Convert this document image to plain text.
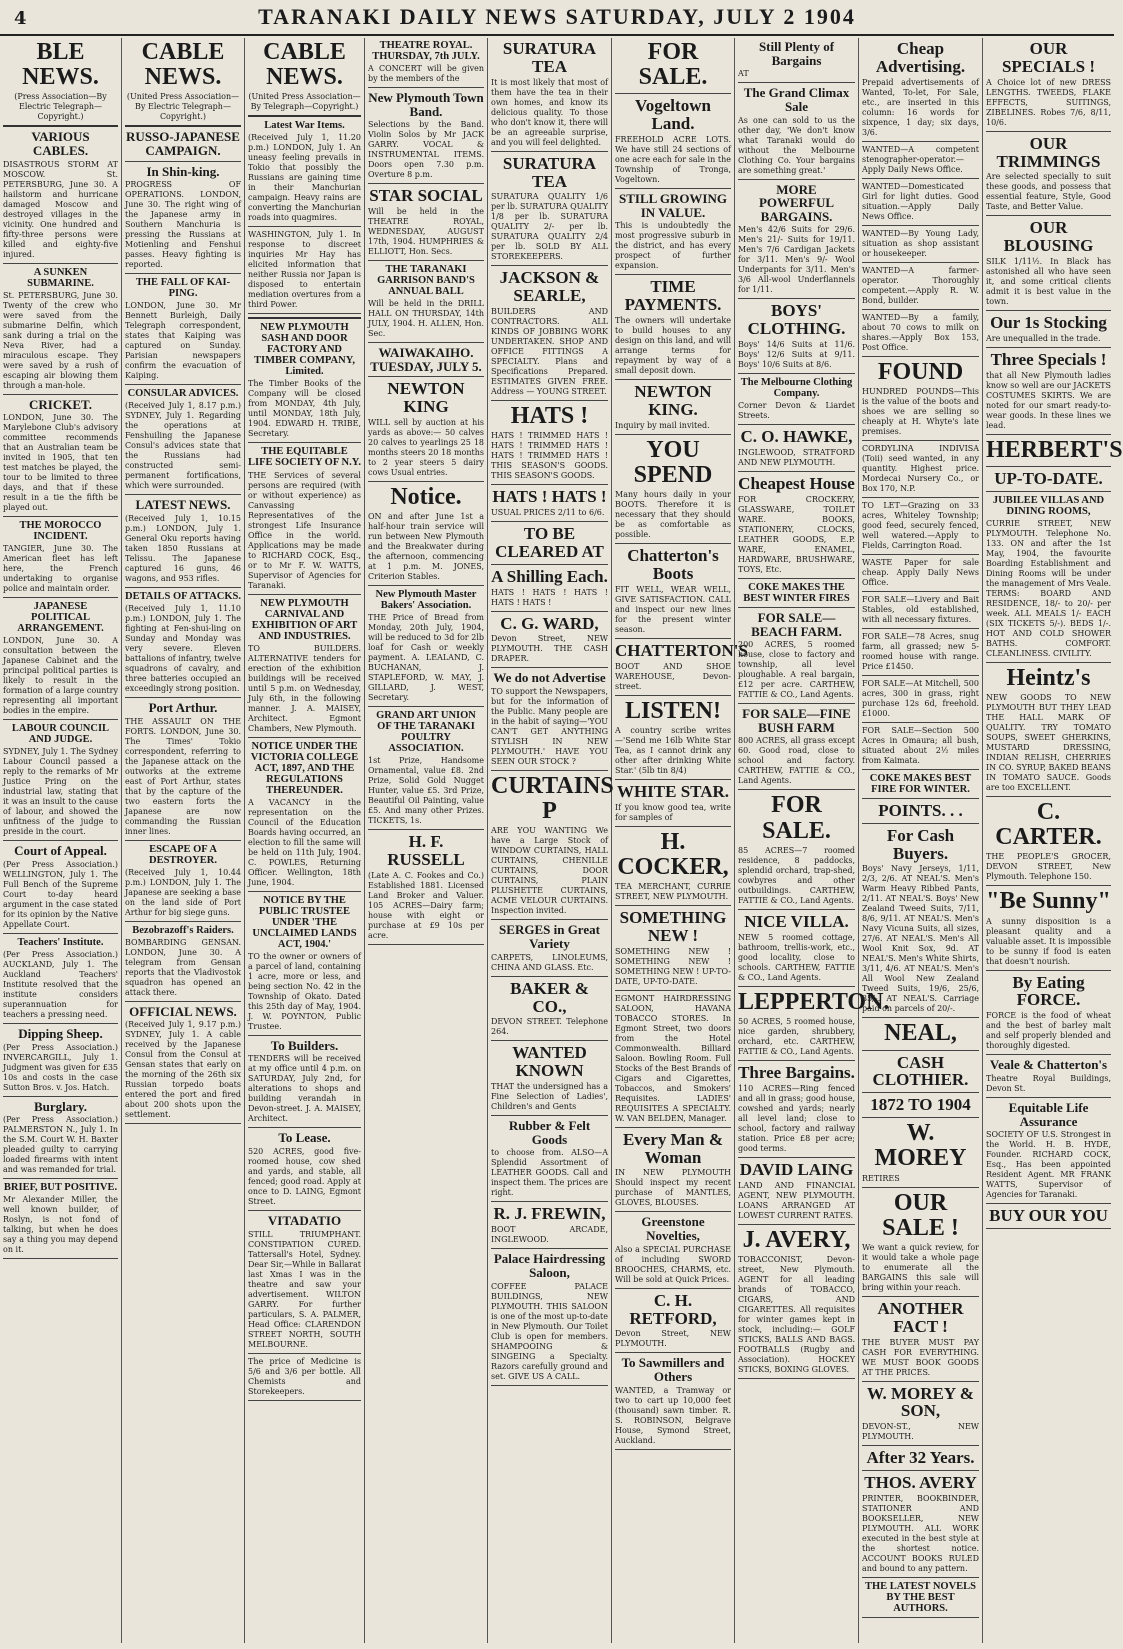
4	TARANAKI DAILY NEWS SATURDAY, JULY 2 1904
BLE NEWS.
(Press Association—By Electric Telegraph—Copyright.)
VARIOUS CABLES.
DISASTROUS STORM AT MOSCOW. St. PETERSBURG, June 30. A hailstorm and hurricane damaged Moscow and destroyed villages in the vicinity. One hundred and fifty-three persons were killed and eighty-five injured.
A SUNKEN SUBMARINE.
St. PETERSBURG, June 30. Twenty of the crew who were saved from the submarine Delfin, which sank during a trial on the Neva River, had a miraculous escape. They were saved by a rush of escaping air blowing them through a man-hole.
CRICKET.
LONDON, June 30. The Marylebone Club's advisory committee recommends that an Australian team be invited in 1905, that ten test matches be played, the tour to be limited to three days, and that if these result in a tie the fifth be played out.
THE MOROCCO INCIDENT.
TANGIER, June 30. The American fleet has left here, the French undertaking to organise police and maintain order.
JAPANESE POLITICAL ARRANGEMENT.
LONDON, June 30. A consultation between the Japanese Cabinet and the principal political parties is likely to result in the formation of a large country representing all important bodies in the empire.
LABOUR COUNCIL AND JUDGE.
SYDNEY, July 1. The Sydney Labour Council passed a reply to the remarks of Mr Justice Pring on the industrial law, stating that it was an insult to the cause of labour, and showed the unfitness of the judge to preside in the court.
Court of Appeal.
(Per Press Association.) WELLINGTON, July 1. The Full Bench of the Supreme Court to-day heard argument in the case stated for its opinion by the Native Appellate Court.
Teachers' Institute.
(Per Press Association.) AUCKLAND, July 1. The Auckland Teachers' Institute resolved that the institute considers superannuation for teachers a pressing need.
Dipping Sheep.
(Per Press Association.) INVERCARGILL, July 1. Judgment was given for £35 10s and costs in the case Sutton Bros. v. Jos. Hatch.
Burglary.
(Per Press Association.) PALMERSTON N., July 1. In the S.M. Court W. H. Baxter pleaded guilty to carrying loaded firearms with intent and was remanded for trial.
BRIEF, BUT POSITIVE.
Mr Alexander Miller, the well known builder, of Roslyn, is not fond of talking, but when he does say a thing you may depend on it.
CABLE NEWS.
(United Press Association—By Electric Telegraph—Copyright.)
RUSSO-JAPANESE CAMPAIGN.
In Shin-king.
PROGRESS OF OPERATIONS. LONDON, June 30. The right wing of the Japanese army in Southern Manchuria is pressing the Russians at Motienling and Fenshui passes. Heavy fighting is reported.
THE FALL OF KAI-PING.
LONDON, June 30. Mr Bennett Burleigh, Daily Telegraph correspondent, states that Kaiping was captured on Sunday. Parisian newspapers confirm the evacuation of Kaiping.
CONSULAR ADVICES.
(Received July 1, 8.17 p.m.) SYDNEY, July 1. Regarding the operations at Fenshuiling the Japanese Consul's advices state that the Russians had constructed semi-permanent fortifications, which were surrounded.
LATEST NEWS.
(Received July 1, 10.15 p.m.) LONDON, July 1. General Oku reports having taken 1850 Russians at Telissu. The Japanese captured 16 guns, 46 wagons, and 953 rifles.
DETAILS OF ATTACKS.
(Received July 1, 11.10 p.m.) LONDON, July 1. The fighting at Fen-shui-ling on Sunday and Monday was very severe. Eleven battalions of infantry, twelve squadrons of cavalry, and three batteries occupied an exceedingly strong position.
Port Arthur.
THE ASSAULT ON THE FORTS. LONDON, June 30. The Times' Tokio correspondent, referring to the Japanese attack on the outworks at the extreme east of Port Arthur, states that by the capture of the two eastern forts the Japanese are now commanding the Russian inner lines.
ESCAPE OF A DESTROYER.
(Received July 1, 10.44 p.m.) LONDON, July 1. The Japanese are seeking a base on the land side of Port Arthur for big siege guns.
Bezobrazoff's Raiders.
BOMBARDING GENSAN. LONDON, June 30. A telegram from Gensan reports that the Vladivostok squadron has opened an attack there.
OFFICIAL NEWS.
(Received July 1, 9.17 p.m.) SYDNEY, July 1. A cable received by the Japanese Consul from the Consul at Gensan states that early on the morning of the 26th six Russian torpedo boats entered the port and fired about 200 shots upon the settlement.
CABLE NEWS.
(United Press Association—By Telegraph—Copyright.)
Latest War Items.
(Received July 1, 11.20 p.m.) LONDON, July 1. An uneasy feeling prevails in Tokio that possibly the Russians are gaining time in their Manchurian campaign. Heavy rains are converting the Manchurian roads into quagmires.
WASHINGTON, July 1. In response to discreet inquiries Mr Hay has elicited information that neither Russia nor Japan is disposed to entertain mediation overtures from a third Power.
NEW PLYMOUTH SASH AND DOOR FACTORY AND TIMBER COMPANY, Limited.
The Timber Books of the Company will be closed from MONDAY, 4th July, until MONDAY, 18th July, 1904. EDWARD H. TRIBE, Secretary.
THE EQUITABLE LIFE SOCIETY OF N.Y.
THE Services of several persons are required (with or without experience) as Canvassing Representatives of the strongest Life Insurance Office in the world. Applications may be made to RICHARD COCK, Esq., or to Mr F. W. WATTS, Supervisor of Agencies for Taranaki.
NEW PLYMOUTH CARNIVAL AND EXHIBITION OF ART AND INDUSTRIES.
TO BUILDERS. ALTERNATIVE tenders for erection of the exhibition buildings will be received until 5 p.m. on Wednesday, July 6th, in the following manner. J. A. MAISEY, Architect. Egmont Chambers, New Plymouth.
NOTICE UNDER THE VICTORIA COLLEGE ACT, 1897, AND THE REGULATIONS THEREUNDER.
A VACANCY in the representation on the Council of the Education Boards having occurred, an election to fill the same will be held on 11th July, 1904. C. POWLES, Returning Officer. Wellington, 18th June, 1904.
NOTICE BY THE PUBLIC TRUSTEE UNDER 'THE UNCLAIMED LANDS ACT, 1904.'
TO the owner or owners of a parcel of land, containing 1 acre, more or less, and being section No. 42 in the Township of Okato. Dated this 25th day of May, 1904. J. W. POYNTON, Public Trustee.
To Builders.
TENDERS will be received at my office until 4 p.m. on SATURDAY, July 2nd, for alterations to shops and building verandah in Devon-street. J. A. MAISEY, Architect.
To Lease.
520 ACRES, good five-roomed house, cow shed and yards, and stable, all fenced; good road. Apply at once to D. LAING, Egmont Street.
VITADATIO
STILL TRIUMPHANT. CONSTIPATION CURED. Tattersall's Hotel, Sydney. Dear Sir,—While in Ballarat last Xmas I was in the theatre and saw your advertisement. WILTON GARRY. For further particulars, S. A. PALMER, Head Office: CLARENDON STREET NORTH, SOUTH MELBOURNE.
The price of Medicine is 5/6 and 3/6 per bottle. All Chemists and Storekeepers.
THEATRE ROYAL. THURSDAY, 7th JULY.
A CONCERT will be given by the members of the
New Plymouth Town Band.
Selections by the Band. Violin Solos by Mr JACK GARRY. VOCAL & INSTRUMENTAL ITEMS. Doors open 7.30 p.m. Overture 8 p.m.
STAR SOCIAL
Will be held in the THEATRE ROYAL, WEDNESDAY, AUGUST 17th, 1904. HUMPHRIES & ELLIOTT, Hon. Secs.
THE TARANAKI GARRISON BAND'S ANNUAL BALL
Will be held in the DRILL HALL ON THURSDAY, 14th JULY, 1904. H. ALLEN, Hon. Sec.
WAIWAKAIHO. TUESDAY, JULY 5.
NEWTON KING
WILL sell by auction at his yards as above:— 50 calves 20 calves to yearlings 25 18 months steers 20 18 months to 2 year steers 5 dairy cows Usual entries.
Notice.
ON and after June 1st a half-hour train service will run between New Plymouth and the Breakwater during the afternoon, commencing at 1 p.m. M. JONES, Criterion Stables.
New Plymouth Master Bakers' Association.
THE Price of Bread from Monday, 20th July, 1904, will be reduced to 3d for 2lb loaf for Cash or weekly payment. A. LEALAND, C. BUCHANAN, J. STAPLEFORD, W. MAY, J. GILLARD, J. WEST, Secretary.
GRAND ART UNION OF THE TARANAKI POULTRY ASSOCIATION.
1st Prize, Handsome Ornamental, value £8. 2nd Prize, Solid Gold Nugget Hunter, value £5. 3rd Prize, Beautiful Oil Painting, value £5. And many other Prizes. TICKETS, 1s.
H. F. RUSSELL
(Late A. C. Fookes and Co.) Established 1881. Licensed Land Broker and Valuer. 105 ACRES—Dairy farm; house with eight or purchase at £9 10s per acre.
SURATURA TEA
It is most likely that most of them have the tea in their own homes, and know its delicious quality. To those who don't know it, there will be an agreeable surprise, and you will feel delighted.
SURATURA TEA
SURATURA QUALITY 1/6 per lb. SURATURA QUALITY 1/8 per lb. SURATURA QUALITY 2/- per lb. SURATURA QUALITY 2/4 per lb. SOLD BY ALL STOREKEEPERS.
JACKSON & SEARLE,
BUILDERS AND CONTRACTORS. ALL KINDS OF JOBBING WORK UNDERTAKEN. SHOP AND OFFICE FITTINGS A SPECIALTY. Plans and Specifications Prepared. ESTIMATES GIVEN FREE. Address — YOUNG STREET.
HATS !
HATS ! TRIMMED HATS ! HATS ! TRIMMED HATS ! HATS ! TRIMMED HATS ! THIS SEASON'S GOODS. THIS SEASON'S GOODS.
HATS ! HATS !
USUAL PRICES 2/11 to 6/6.
TO BE CLEARED AT
A Shilling Each.
HATS ! HATS ! HATS ! HATS ! HATS !
C. G. WARD,
Devon Street, NEW PLYMOUTH. THE CASH DRAPER.
We do not Advertise
TO support the Newspapers, but for the information of the Public. Many people are in the habit of saying—'YOU CAN'T GET ANYTHING STYLISH IN NEW PLYMOUTH.' HAVE YOU SEEN OUR STOCK ?
CURTAINS P
ARE YOU WANTING We have a Large Stock of WINDOW CURTAINS, HALL CURTAINS, CHENILLE CURTAINS, DOOR CURTAINS, PLAIN PLUSHETTE CURTAINS, ACME VELOUR CURTAINS. Inspection invited.
SERGES in Great Variety
CARPETS, LINOLEUMS, CHINA AND GLASS. Etc.
BAKER & CO.,
DEVON STREET. Telephone 264.
WANTED KNOWN
THAT the undersigned has a Fine Selection of Ladies', Children's and Gents
Rubber & Felt Goods
to choose from. ALSO—A Splendid Assortment of LEATHER GOODS. Call and inspect them. The prices are right.
R. J. FREWIN,
BOOT ARCADE, INGLEWOOD.
Palace Hairdressing Saloon,
COFFEE PALACE BUILDINGS, NEW PLYMOUTH. THIS SALOON is one of the most up-to-date in New Plymouth. Our Toilet Club is open for members. SHAMPOOING & SINGEING a Specialty. Razors carefully ground and set. GIVE US A CALL.
FOR SALE.
Vogeltown Land.
FREEHOLD ACRE LOTS. We have still 24 sections of one acre each for sale in the Township of Tronga, Vogeltown.
STILL GROWING IN VALUE.
This is undoubtedly the most progressive suburb in the district, and has every prospect of further expansion.
TIME PAYMENTS.
The owners will undertake to build houses to any design on this land, and will arrange terms for repayment by way of a small deposit down.
NEWTON KING.
Inquiry by mail invited.
YOU SPEND
Many hours daily in your BOOTS. Therefore it is necessary that they should be as comfortable as possible.
Chatterton's Boots
FIT WELL, WEAR WELL, GIVE SATISFACTION. CALL and inspect our new lines for the present winter season.
CHATTERTON'S
BOOT AND SHOE WAREHOUSE, Devon-street.
LISTEN!
A country scribe writes—'Send me 16lb White Star Tea, as I cannot drink any other after drinking White Star.' (5lb tin 8/4)
WHITE STAR.
If you know good tea, write for samples of
H. COCKER,
TEA MERCHANT, CURRIE STREET, NEW PLYMOUTH.
SOMETHING NEW !
SOMETHING NEW ! SOMETHING NEW ! SOMETHING NEW ! UP-TO-DATE, UP-TO-DATE.
EGMONT HAIRDRESSING SALOON, HAVANA TOBACCO STORES. In Egmont Street, two doors from the Hotel Commonwealth. Billiard Saloon. Bowling Room. Full Stocks of the Best Brands of Cigars and Cigarettes, Tobaccos, and Smokers' Requisites. LADIES' REQUISITES A SPECIALTY. W. VAN BELDEN, Manager.
Every Man & Woman
IN NEW PLYMOUTH Should inspect my recent purchase of MANTLES, GLOVES, BLOUSES.
Greenstone Novelties,
Also a SPECIAL PURCHASE of including SWORD BROOCHES, CHARMS, etc. Will be sold at Quick Prices.
C. H. RETFORD,
Devon Street, NEW PLYMOUTH.
To Sawmillers and Others
WANTED, a Tramway or two to cart up 10,000 feet (thousand) sawn timber. R. S. ROBINSON, Belgrave House, Symond Street, Auckland.
Still Plenty of Bargains
AT
The Grand Climax Sale
As one can sold to us the other day, 'We don't know what Taranaki would do without the Melbourne Clothing Co. Your bargains are something great.'
MORE POWERFUL BARGAINS.
Men's 42/6 Suits for 29/6. Men's 21/- Suits for 19/11. Men's 7/6 Cardigan Jackets for 3/11. Men's 9/- Wool Underpants for 3/11. Men's 3/6 All-wool Underflannels for 1/11.
BOYS' CLOTHING.
Boys' 14/6 Suits at 11/6. Boys' 12/6 Suits at 9/11. Boys' 10/6 Suits at 8/6.
The Melbourne Clothing Company.
Corner Devon & Liardet Streets.
C. O. HAWKE,
INGLEWOOD, STRATFORD AND NEW PLYMOUTH.
Cheapest House
FOR CROCKERY, GLASSWARE, TOILET WARE. BOOKS, STATIONERY, CLOCKS, LEATHER GOODS, E.P. WARE, ENAMEL, HARDWARE, BRUSHWARE, TOYS, Etc.
COKE MAKES THE BEST WINTER FIRES
FOR SALE—BEACH FARM.
200 ACRES, 5 roomed house, close to factory and township, all level ploughable. A real bargain, £12 per acre. CARTHEW, FATTIE & CO., Land Agents.
FOR SALE—FINE BUSH FARM
800 ACRES, all grass except 60. Good road, close to school and factory. CARTHEW, FATTIE & CO., Land Agents.
FOR SALE.
85 ACRES—7 roomed residence, 8 paddocks, splendid orchard, trap-shed, cowbyres and other outbuildings. CARTHEW, FATTIE & CO., Land Agents.
NICE VILLA.
NEW 5 roomed cottage, bathroom, trellis-work, etc., good locality, close to schools. CARTHEW, FATTIE & CO., Land Agents.
LEPPERTON.
50 ACRES, 5 roomed house, nice garden, shrubbery, orchard, etc. CARTHEW, FATTIE & CO., Land Agents.
Three Bargains.
110 ACRES—Ring fenced and all in grass; good house, cowshed and yards; nearly all level land; close to school, factory and railway station. Price £8 per acre; good terms.
DAVID LAING
LAND AND FINANCIAL AGENT, NEW PLYMOUTH. LOANS ARRANGED AT LOWEST CURRENT RATES.
J. AVERY,
TOBACCONIST, Devon-street, New Plymouth. AGENT for all leading brands of TOBACCO, CIGARS, AND CIGARETTES. All requisites for winter games kept in stock, including:— GOLF STICKS, BALLS AND BAGS. FOOTBALLS (Rugby and Association). HOCKEY STICKS, BOXING GLOVES.
Cheap Advertising.
Prepaid advertisements of Wanted, To-let, For Sale, etc., are inserted in this column: 16 words for sixpence, 1 day; six days, 3/6.
WANTED—A competent stenographer-operator.—Apply Daily News Office.
WANTED—Domesticated Girl for light duties. Good situation.—Apply Daily News Office.
WANTED—By Young Lady, situation as shop assistant or housekeeper.
WANTED—A farmer-operator. Thoroughly competent.—Apply R. W. Bond, builder.
WANTED—By a family, about 70 cows to milk on shares.—Apply Box 153, Post Office.
FOUND
HUNDRED POUNDS—This is the value of the boots and shoes we are selling so cheaply at H. Whyte's late premises.
CORDYLINA INDIVISA (Toii) seed wanted, in any quantity. Highest price. Mordecai Nursery Co., or Box 170, N.P.
TO LET—Grazing on 33 acres, Whiteley Township; good feed, securely fenced, well watered.—Apply to Fields, Carrington Road.
WASTE Paper for sale cheap. Apply Daily News Office.
FOR SALE—Livery and Bait Stables, old established, with all necessary fixtures.
FOR SALE—78 Acres, snug farm, all grassed; new 5-roomed house with range. Price £1450.
FOR SALE—At Mitchell, 500 acres, 300 in grass, right purchase 12s 6d, freehold. £1000.
FOR SALE—Section 500 Acres in Omaura; all bush, situated about 2½ miles from Kaimata.
COKE MAKES BEST FIRE FOR WINTER.
POINTS. . .
For Cash Buyers.
Boys' Navy Jerseys, 1/11, 2/3, 2/6. AT NEAL'S. Men's Warm Heavy Ribbed Pants, 2/11. AT NEAL'S. Boys' New Zealand Tweed Suits, 7/11, 8/6, 9/11. AT NEAL'S. Men's Navy Vicuna Suits, all sizes, 27/6. AT NEAL'S. Men's All Wool Knit Sox, 9d. AT NEAL'S. Men's White Shirts, 3/11, 4/6. AT NEAL'S. Men's All Wool New Zealand Tweed Suits, 19/6, 25/6, 35/-. AT NEAL'S. Carriage paid on parcels of 20/-.
NEAL,
CASH CLOTHIER.
1872 TO 1904
W. MOREY
RETIRES
OUR SALE !
We want a quick review, for it would take a whole page to enumerate all the BARGAINS this sale will bring within your reach.
ANOTHER FACT !
THE BUYER MUST PAY CASH FOR EVERYTHING. WE MUST BOOK GOODS AT THE PRICES.
W. MOREY & SON,
DEVON-ST., NEW PLYMOUTH.
After 32 Years.
THOS. AVERY
PRINTER, BOOKBINDER, STATIONER AND BOOKSELLER, NEW PLYMOUTH. ALL WORK executed in the best style at the shortest notice. ACCOUNT BOOKS RULED and bound to any pattern.
THE LATEST NOVELS BY THE BEST AUTHORS.
OUR SPECIALS !
A Choice lot of new DRESS LENGTHS. TWEEDS, FLAKE EFFECTS, SUITINGS, ZIBELINES. Robes 7/6, 8/11, 10/6.
OUR TRIMMINGS
Are selected specially to suit these goods, and possess that essential feature, Style, Good Taste, and Better Value.
OUR BLOUSING
SILK 1/11½. In Black has astonished all who have seen it, and some critical clients admit it is best value in the town.
Our 1s Stocking
Are unequalled in the trade.
Three Specials !
that all New Plymouth ladies know so well are our JACKETS COSTUMES SKIRTS. We are noted for our smart ready-to-wear goods. In these lines we lead.
HERBERT'S
UP-TO-DATE.
JUBILEE VILLAS AND DINING ROOMS,
CURRIE STREET, NEW PLYMOUTH. Telephone No. 133. ON and after the 1st May, 1904, the favourite Boarding Establishment and Dining Rooms will be under the management of Mrs Veale. TERMS: BOARD AND RESIDENCE, 18/- to 20/- per week. ALL MEALS 1/- EACH (SIX TICKETS 5/-). BEDS 1/-. HOT AND COLD SHOWER BATHS. COMFORT. CLEANLINESS. CIVILITY.
Heintz's
NEW GOODS TO NEW PLYMOUTH BUT THEY LEAD THE HALL MARK OF QUALITY. TRY TOMATO SOUPS, SWEET GHERKINS, MUSTARD DRESSING, INDIAN RELISH, CHERRIES IN CO. SYRUP, BAKED BEANS IN TOMATO SAUCE. Goods are too EXCELLENT.
C. CARTER.
THE PEOPLE'S GROCER, DEVON STREET, New Plymouth. Telephone 150.
"Be Sunny"
A sunny disposition is a pleasant quality and a valuable asset. It is impossible to be sunny if food is eaten that doesn't nourish.
By Eating FORCE.
FORCE is the food of wheat and the best of barley malt and self properly blended and thoroughly digested.
Veale & Chatterton's
Theatre Royal Buildings, Devon St.
Equitable Life Assurance
SOCIETY OF U.S. Strongest in the World. H. B. HYDE, Founder. RICHARD COCK, Esq., Has been appointed Resident Agent. MR FRANK WATTS, Supervisor of Agencies for Taranaki.
BUY OUR YOU
